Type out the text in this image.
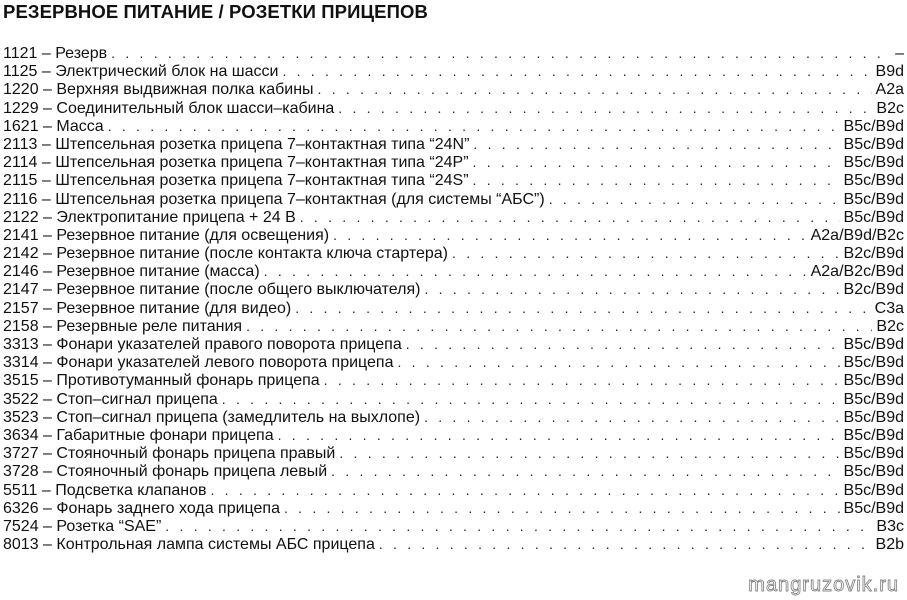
РЕЗЕРВНОЕ ПИТАНИЕ / РОЗЕТКИ ПРИЦЕПОВ
1121 – Резерв . . .	–
1125 – Электрический блок на шасси . . .	B9d
1220 – Верхняя выдвижная полка кабины . . .	A2a
1229 – Соединительный блок шасси–кабина . . .	B2c
1621 – Масса . . .	B5c/B9d
2113 – Штепсельная розетка прицепа 7–контактная типа “24N” . . .	B5c/B9d
2114 – Штепсельная розетка прицепа 7–контактная типа “24P” . . .	B5c/B9d
2115 – Штепсельная розетка прицепа 7–контактная типа “24S” . . .	B5c/B9d
2116 – Штепсельная розетка прицепа 7–контактная (для системы “АБС”) . . .	B5c/B9d
2122 – Электропитание прицепа + 24 В . . .	B5c/B9d
2141 – Резервное питание (для освещения) . . .	A2a/B9d/B2c
2142 – Резервное питание (после контакта ключа стартера) . . .	B2c/B9d
2146 – Резервное питание (масса) . . .	A2a/B2c/B9d
2147 – Резервное питание (после общего выключателя) . . .	B2c/B9d
2157 – Резервное питание (для видео) . . .	C3a
2158 – Резервные реле питания . . .	B2c
3313 – Фонари указателей правого поворота прицепа . . .	B5c/B9d
3314 – Фонари указателей левого поворота прицепа . . .	B5c/B9d
3515 – Противотуманный фонарь прицепа . . .	B5c/B9d
3522 – Стоп–сигнал прицепа . . .	B5c/B9d
3523 – Стоп–сигнал прицепа (замедлитель на выхлопе) . . .	B5c/B9d
3634 – Габаритные фонари прицепа . . .	B5c/B9d
3727 – Стояночный фонарь прицепа правый . . .	B5c/B9d
3728 – Стояночный фонарь прицепа левый . . .	B5c/B9d
5511 – Подсветка клапанов . . .	B5c/B9d
6326 – Фонарь заднего хода прицепа . . .	B5c/B9d
7524 – Розетка “SAE” . . .	B3c
8013 – Контрольная лампа системы АБС прицепа . . .	B2b
mangruzovik.ru
